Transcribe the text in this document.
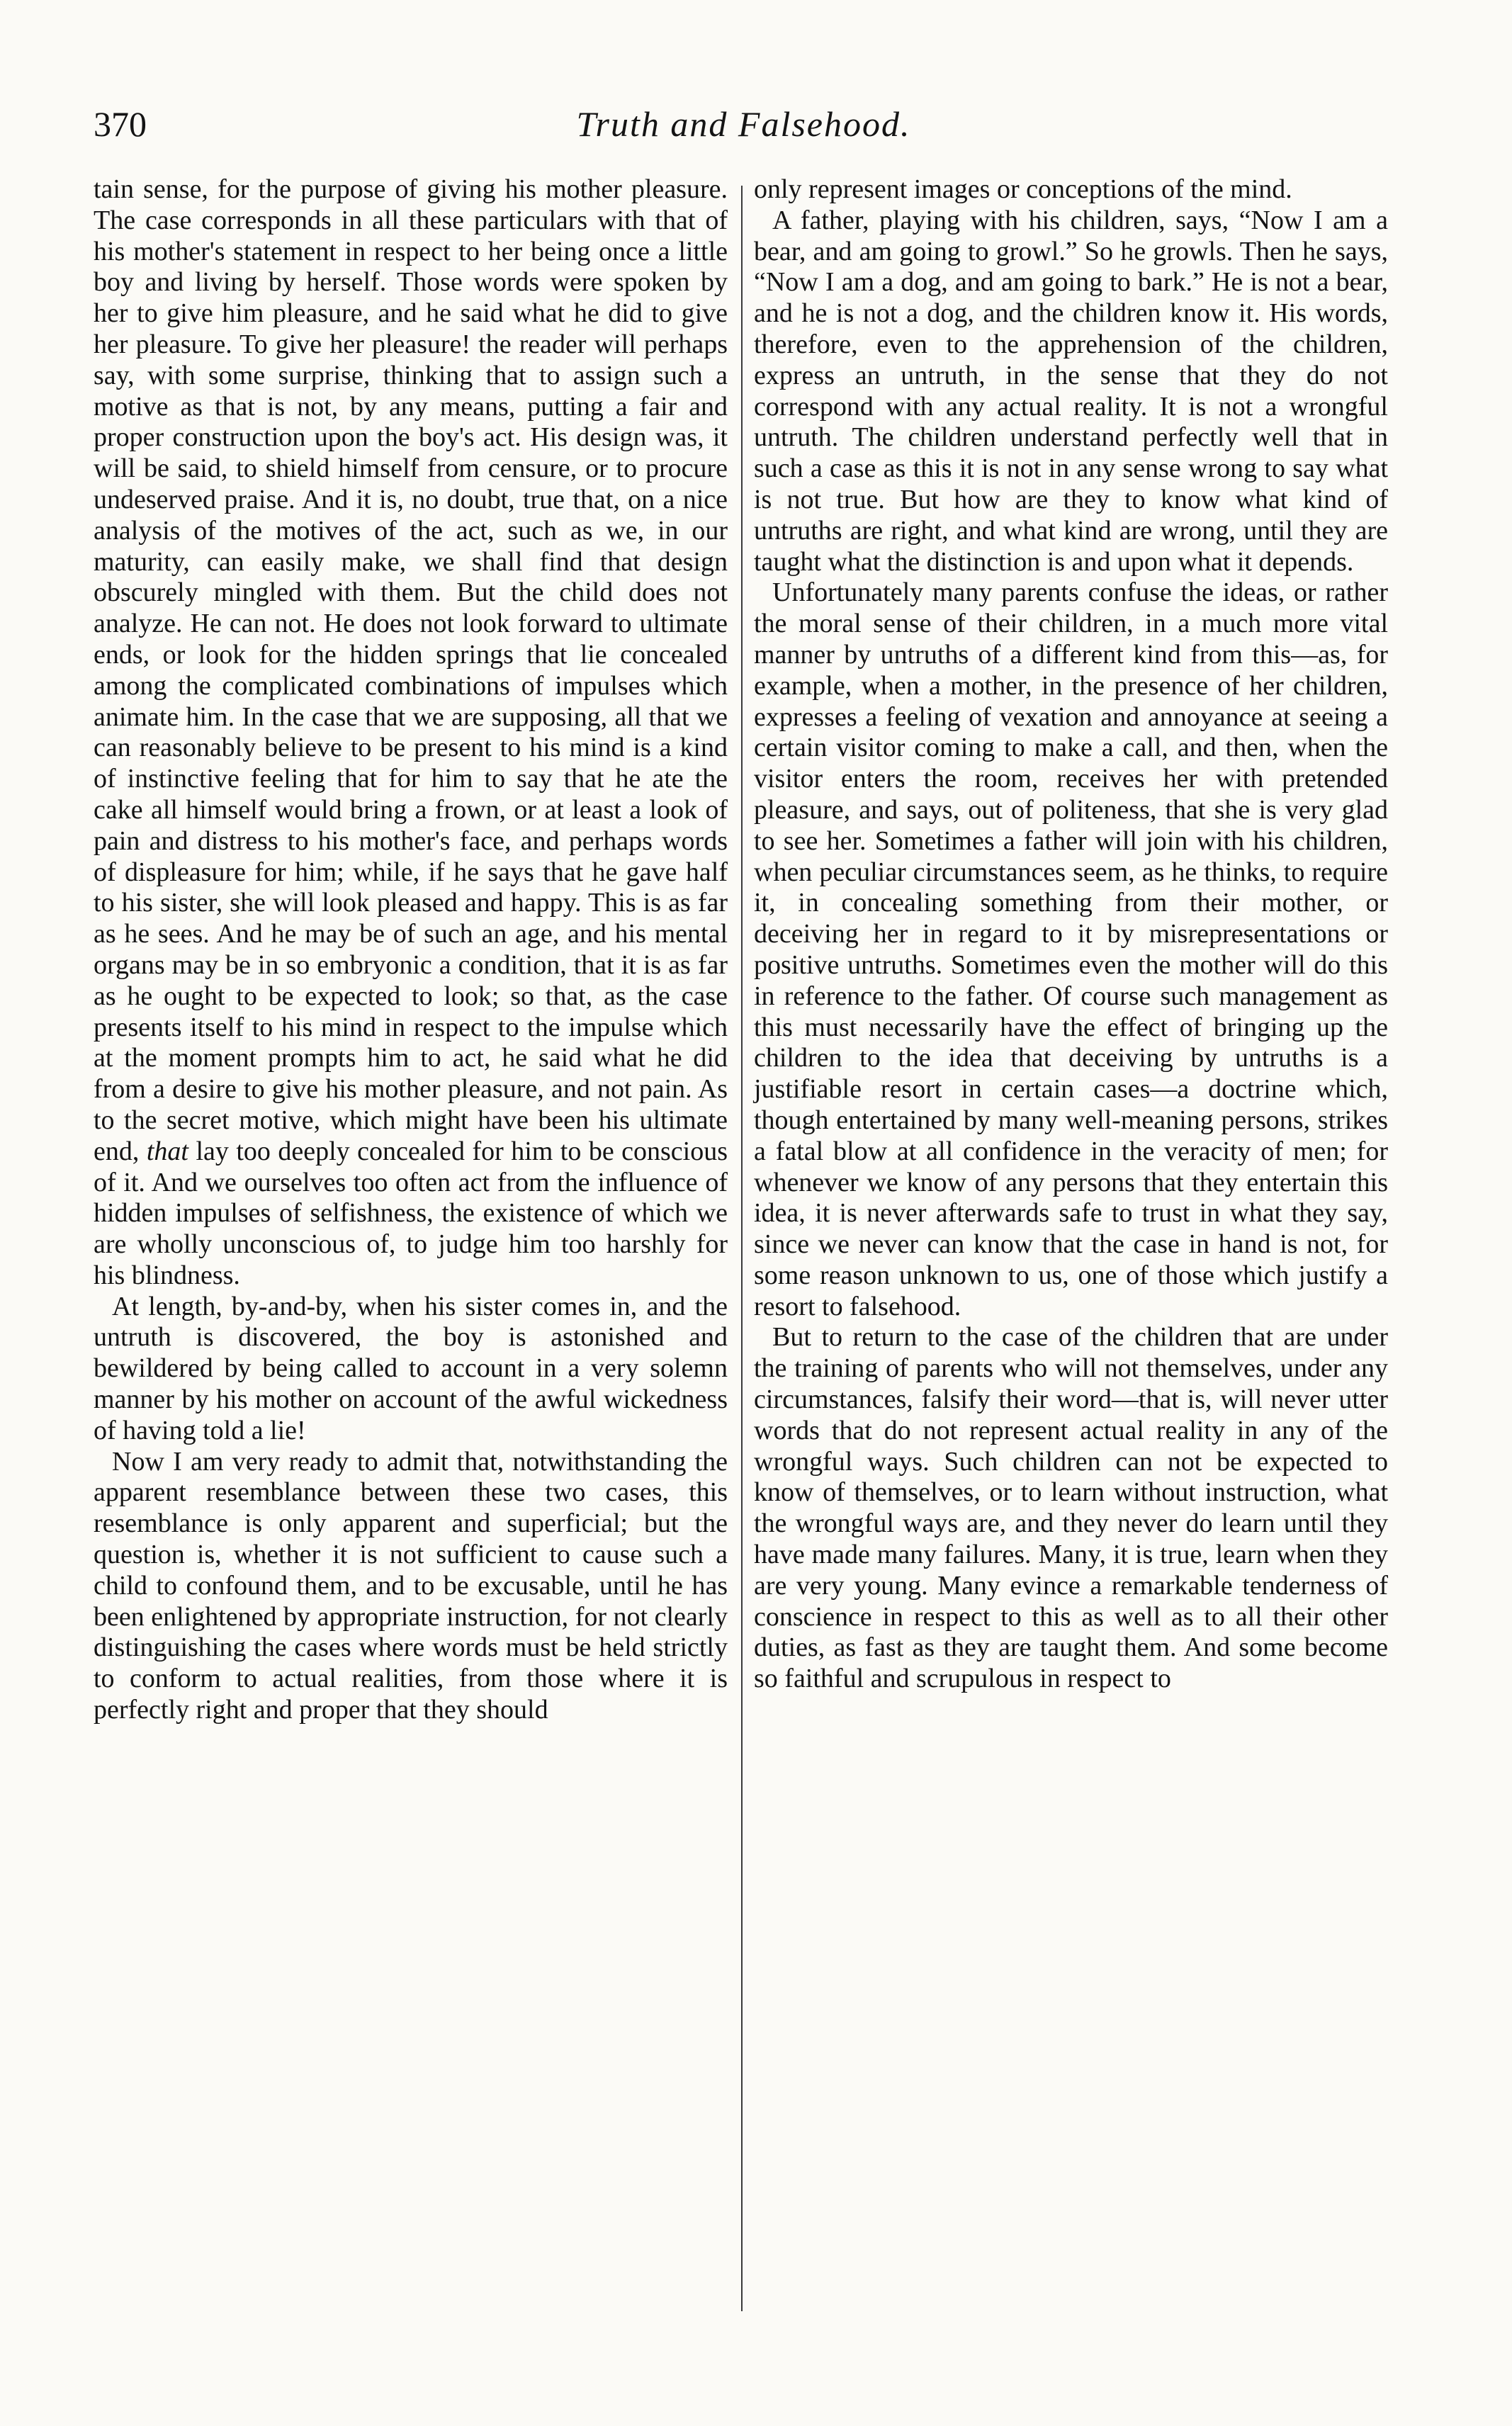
370	Truth and Falsehood.

tain sense, for the purpose of giving his mother pleasure. The case corresponds in all these particulars with that of his mother's statement in respect to her being once a little boy and living by herself. Those words were spoken by her to give him pleasure, and he said what he did to give her pleasure. To give her pleasure! the reader will perhaps say, with some surprise, thinking that to assign such a motive as that is not, by any means, putting a fair and proper construction upon the boy's act. His design was, it will be said, to shield himself from censure, or to procure undeserved praise. And it is, no doubt, true that, on a nice analysis of the motives of the act, such as we, in our maturity, can easily make, we shall find that design obscurely mingled with them. But the child does not analyze. He can not. He does not look forward to ultimate ends, or look for the hidden springs that lie concealed among the complicated combinations of impulses which animate him. In the case that we are supposing, all that we can reasonably believe to be present to his mind is a kind of instinctive feeling that for him to say that he ate the cake all himself would bring a frown, or at least a look of pain and distress to his mother's face, and perhaps words of displeasure for him; while, if he says that he gave half to his sister, she will look pleased and happy. This is as far as he sees. And he may be of such an age, and his mental organs may be in so embryonic a condition, that it is as far as he ought to be expected to look; so that, as the case presents itself to his mind in respect to the impulse which at the moment prompts him to act, he said what he did from a desire to give his mother pleasure, and not pain. As to the secret motive, which might have been his ultimate end, that lay too deeply concealed for him to be conscious of it. And we ourselves too often act from the influence of hidden impulses of selfishness, the existence of which we are wholly unconscious of, to judge him too harshly for his blindness.

At length, by-and-by, when his sister comes in, and the untruth is discovered, the boy is astonished and bewildered by being called to account in a very solemn manner by his mother on account of the awful wickedness of having told a lie!

Now I am very ready to admit that, notwithstanding the apparent resemblance between these two cases, this resemblance is only apparent and superficial; but the question is, whether it is not sufficient to cause such a child to confound them, and to be excusable, until he has been enlightened by appropriate instruction, for not clearly distinguishing the cases where words must be held strictly to conform to actual realities, from those where it is perfectly right and proper that they should

only represent images or conceptions of the mind.

A father, playing with his children, says, “Now I am a bear, and am going to growl.” So he growls. Then he says, “Now I am a dog, and am going to bark.” He is not a bear, and he is not a dog, and the children know it. His words, therefore, even to the apprehension of the children, express an untruth, in the sense that they do not correspond with any actual reality. It is not a wrongful untruth. The children understand perfectly well that in such a case as this it is not in any sense wrong to say what is not true. But how are they to know what kind of untruths are right, and what kind are wrong, until they are taught what the distinction is and upon what it depends.

Unfortunately many parents confuse the ideas, or rather the moral sense of their children, in a much more vital manner by untruths of a different kind from this—as, for example, when a mother, in the presence of her children, expresses a feeling of vexation and annoyance at seeing a certain visitor coming to make a call, and then, when the visitor enters the room, receives her with pretended pleasure, and says, out of politeness, that she is very glad to see her. Sometimes a father will join with his children, when peculiar circumstances seem, as he thinks, to require it, in concealing something from their mother, or deceiving her in regard to it by misrepresentations or positive untruths. Sometimes even the mother will do this in reference to the father. Of course such management as this must necessarily have the effect of bringing up the children to the idea that deceiving by untruths is a justifiable resort in certain cases—a doctrine which, though entertained by many well-meaning persons, strikes a fatal blow at all confidence in the veracity of men; for whenever we know of any persons that they entertain this idea, it is never afterwards safe to trust in what they say, since we never can know that the case in hand is not, for some reason unknown to us, one of those which justify a resort to falsehood.

But to return to the case of the children that are under the training of parents who will not themselves, under any circumstances, falsify their word—that is, will never utter words that do not represent actual reality in any of the wrongful ways. Such children can not be expected to know of themselves, or to learn without instruction, what the wrongful ways are, and they never do learn until they have made many failures. Many, it is true, learn when they are very young. Many evince a remarkable tenderness of conscience in respect to this as well as to all their other duties, as fast as they are taught them. And some become so faithful and scrupulous in respect to
